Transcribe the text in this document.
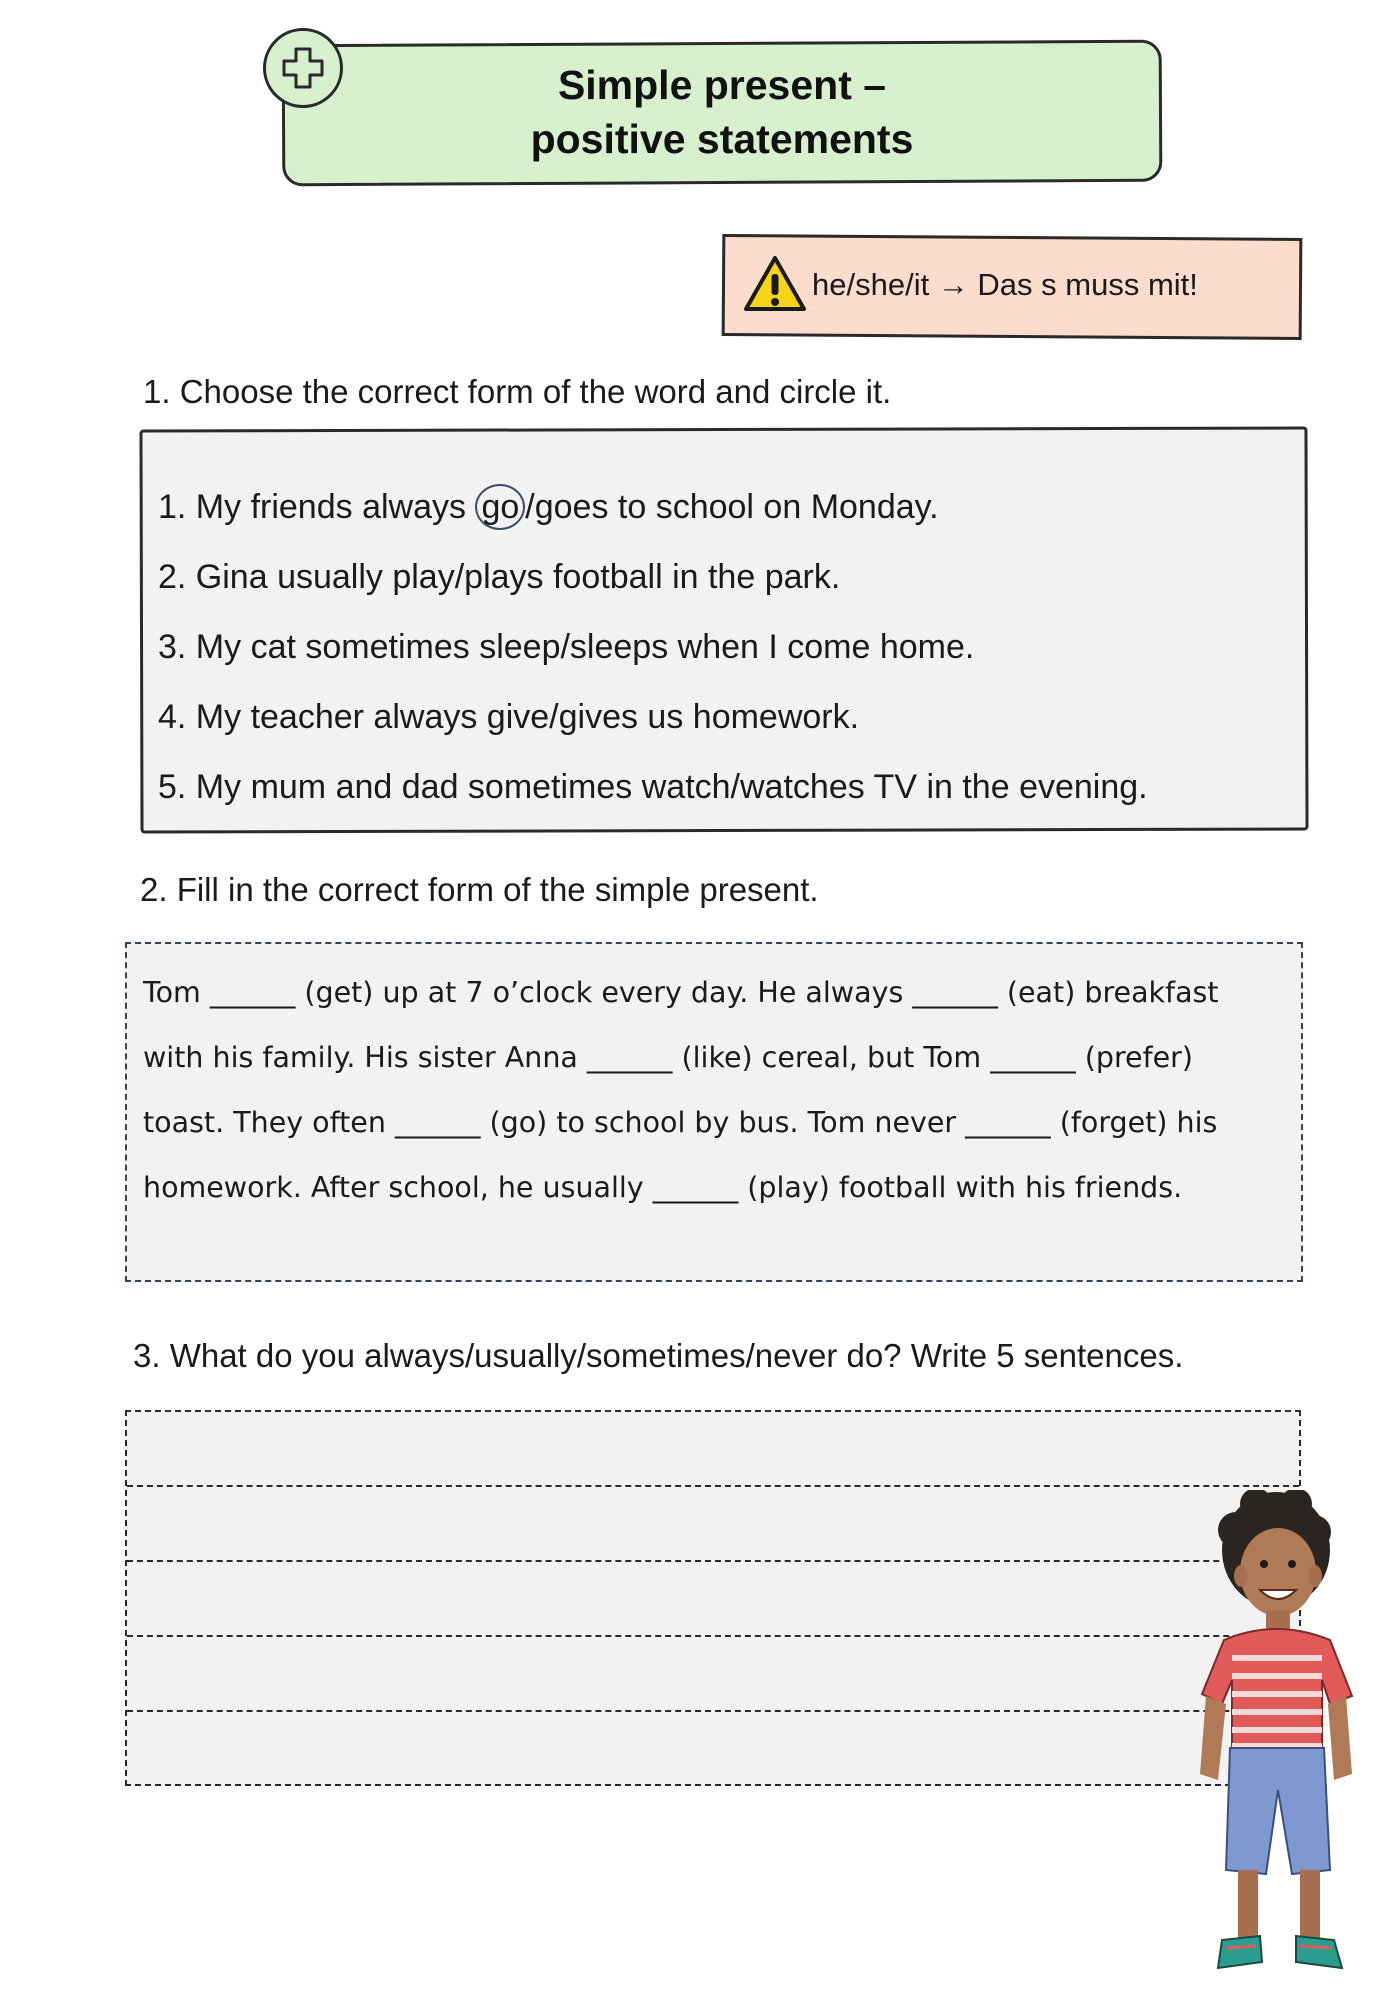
Simple present –
positive statements
he/she/it → Das s muss mit!
1. Choose the correct form of the word and circle it.
1. My friends always go /goes to school on Monday.
2. Gina usually play/plays football in the park.
3. My cat sometimes sleep/sleeps when I come home.
4. My teacher always give/gives us homework.
5. My mum and dad sometimes watch/watches TV in the evening.
2. Fill in the correct form of the simple present.
Tom ______ (get) up at 7 o’clock every day. He always ______ (eat) breakfast
with his family. His sister Anna ______ (like) cereal, but Tom ______ (prefer)
toast. They often ______ (go) to school by bus. Tom never ______ (forget) his
homework. After school, he usually ______ (play) football with his friends.
3. What do you always/usually/sometimes/never do? Write 5 sentences.
